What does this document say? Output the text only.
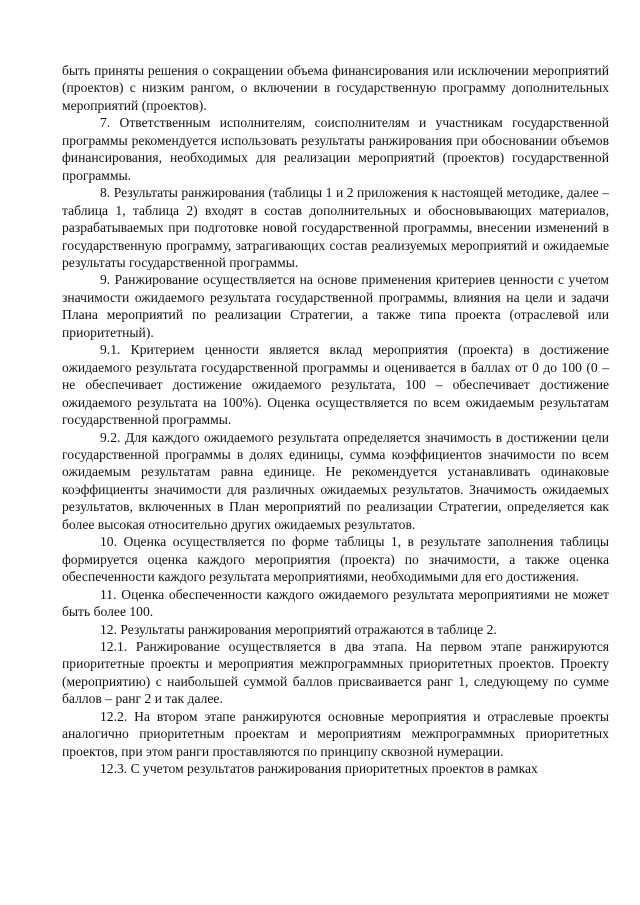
быть приняты решения о сокращении объема финансирования или исключении мероприятий (проектов) с низким рангом, о включении в государственную программу дополнительных мероприятий (проектов).

7. Ответственным исполнителям, соисполнителям и участникам государственной программы рекомендуется использовать результаты ранжирования при обосновании объемов финансирования, необходимых для реализации мероприятий (проектов) государственной программы.

8. Результаты ранжирования (таблицы 1 и 2 приложения к настоящей методике, далее – таблица 1, таблица 2) входят в состав дополнительных и обосновывающих материалов, разрабатываемых при подготовке новой государственной программы, внесении изменений в государственную программу, затрагивающих состав реализуемых мероприятий и ожидаемые результаты государственной программы.

9. Ранжирование осуществляется на основе применения критериев ценности с учетом значимости ожидаемого результата государственной программы, влияния на цели и задачи Плана мероприятий по реализации Стратегии, а также типа проекта (отраслевой или приоритетный).

9.1. Критерием ценности является вклад мероприятия (проекта) в достижение ожидаемого результата государственной программы и оценивается в баллах от 0 до 100 (0 – не обеспечивает достижение ожидаемого результата, 100 – обеспечивает достижение ожидаемого результата на 100%). Оценка осуществляется по всем ожидаемым результатам государственной программы.

9.2. Для каждого ожидаемого результата определяется значимость в достижении цели государственной программы в долях единицы, сумма коэффициентов значимости по всем ожидаемым результатам равна единице. Не рекомендуется устанавливать одинаковые коэффициенты значимости для различных ожидаемых результатов. Значимость ожидаемых результатов, включенных в План мероприятий по реализации Стратегии, определяется как более высокая относительно других ожидаемых результатов.

10. Оценка осуществляется по форме таблицы 1, в результате заполнения таблицы формируется оценка каждого мероприятия (проекта) по значимости, а также оценка обеспеченности каждого результата мероприятиями, необходимыми для его достижения.

11. Оценка обеспеченности каждого ожидаемого результата мероприятиями не может быть более 100.

12. Результаты ранжирования мероприятий отражаются в таблице 2.

12.1. Ранжирование осуществляется в два этапа. На первом этапе ранжируются приоритетные проекты и мероприятия межпрограммных приоритетных проектов. Проекту (мероприятию) с наибольшей суммой баллов присваивается ранг 1, следующему по сумме баллов – ранг 2 и так далее.

12.2. На втором этапе ранжируются основные мероприятия и отраслевые проекты аналогично приоритетным проектам и мероприятиям межпрограммных приоритетных проектов, при этом ранги проставляются по принципу сквозной нумерации.

12.3. С учетом результатов ранжирования приоритетных проектов в рамках
